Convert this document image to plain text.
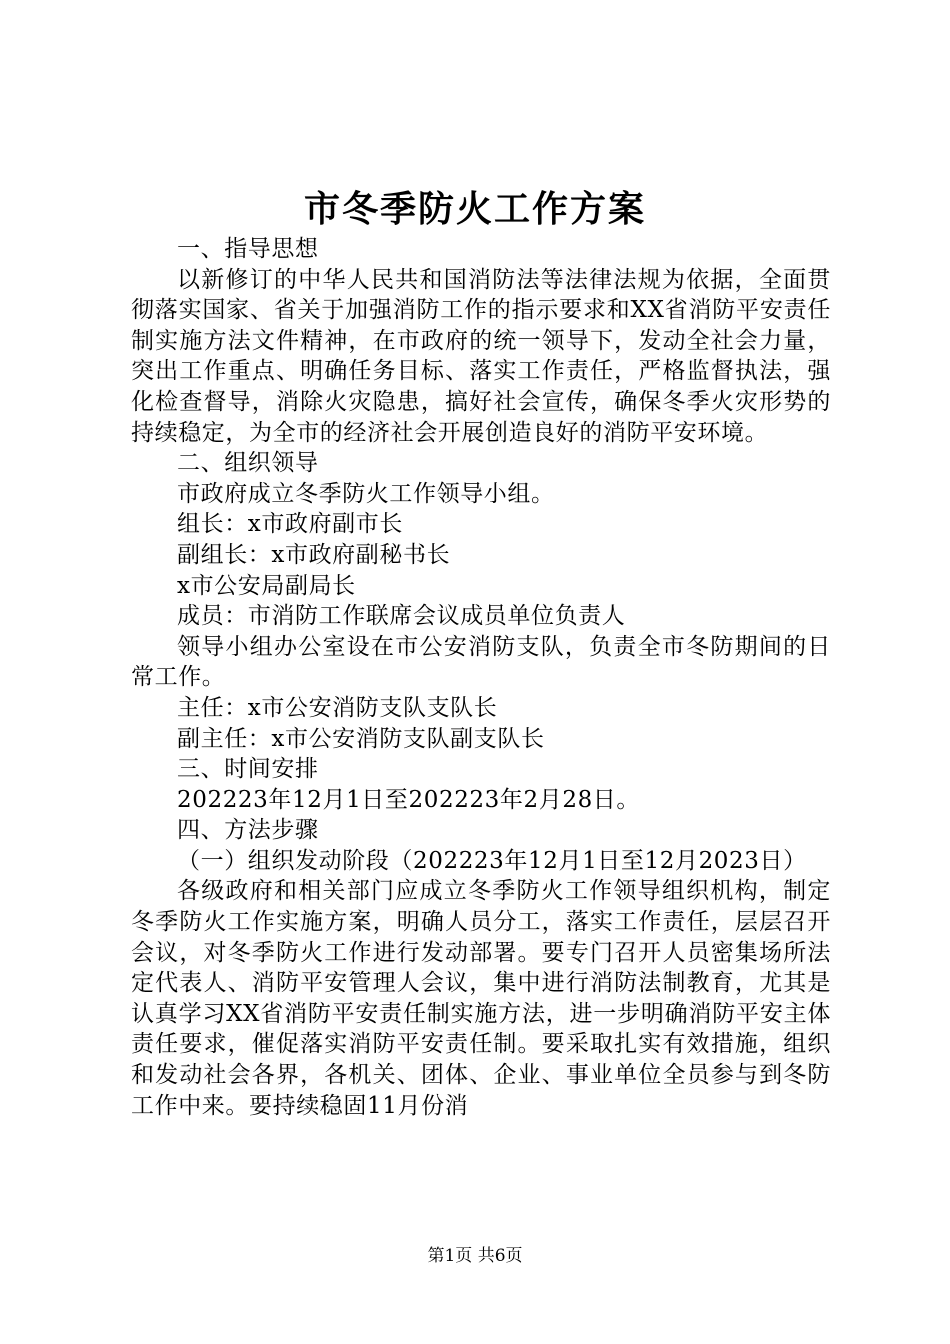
市冬季防火工作方案

一、指导思想

以新修订的中华人民共和国消防法等法律法规为依据，全面贯彻落实国家、省关于加强消防工作的指示要求和XX省消防平安责任制实施方法文件精神，在市政府的统一领导下，发动全社会力量，突出工作重点、明确任务目标、落实工作责任，严格监督执法，强化检查督导，消除火灾隐患，搞好社会宣传，确保冬季火灾形势的持续稳定，为全市的经济社会开展创造良好的消防平安环境。

二、组织领导

市政府成立冬季防火工作领导小组。

组长：x市政府副市长

副组长：x市政府副秘书长

x市公安局副局长

成员：市消防工作联席会议成员单位负责人

领导小组办公室设在市公安消防支队，负责全市冬防期间的日常工作。

主任：x市公安消防支队支队长

副主任：x市公安消防支队副支队长

三、时间安排

202223年12月1日至202223年2月28日。

四、方法步骤

（一）组织发动阶段（202223年12月1日至12月2023日）

各级政府和相关部门应成立冬季防火工作领导组织机构，制定冬季防火工作实施方案，明确人员分工，落实工作责任，层层召开会议，对冬季防火工作进行发动部署。要专门召开人员密集场所法定代表人、消防平安管理人会议，集中进行消防法制教育，尤其是认真学习XX省消防平安责任制实施方法，进一步明确消防平安主体责任要求，催促落实消防平安责任制。要采取扎实有效措施，组织和发动社会各界，各机关、团体、企业、事业单位全员参与到冬防工作中来。要持续稳固11月份消

第1页 共6页
